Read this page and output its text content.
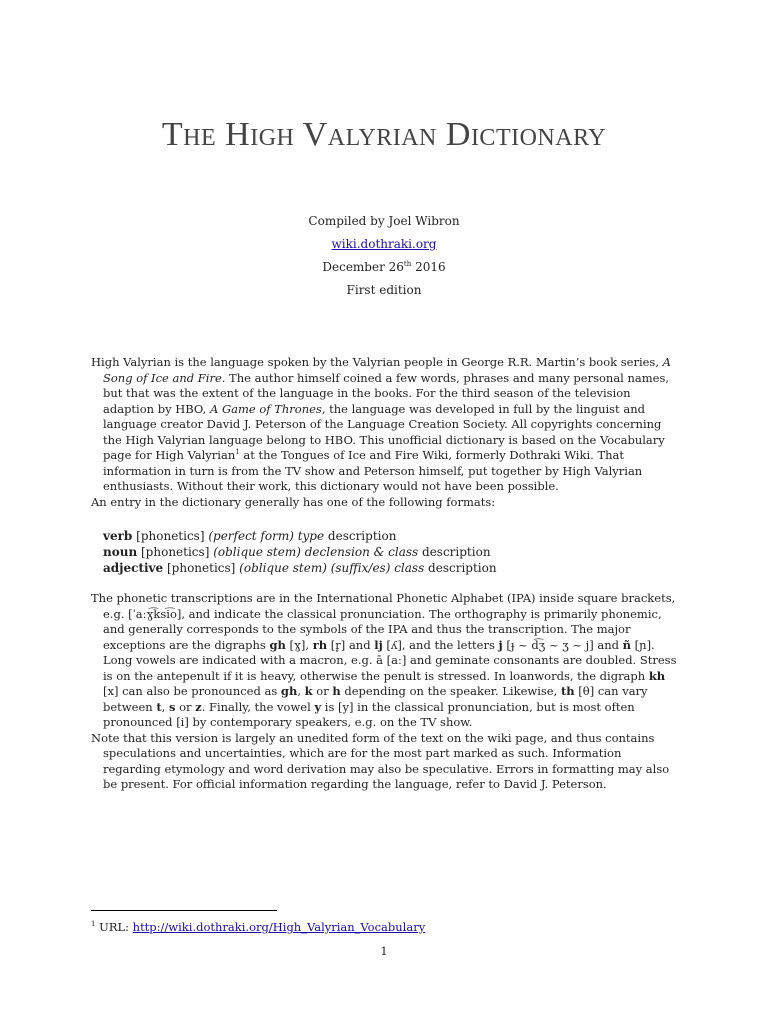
The High Valyrian Dictionary
Compiled by Joel Wibron
wiki.dothraki.org
December 26th 2016
First edition

High Valyrian is the language spoken by the Valyrian people in George R.R. Martin’s book series, A Song of Ice and Fire. The author himself coined a few words, phrases and many personal names, but that was the extent of the language in the books. For the third season of the television adaption by HBO, A Game of Thrones, the language was developed in full by the linguist and language creator David J. Peterson of the Language Creation Society. All copyrights concerning the High Valyrian language belong to HBO. This unofficial dictionary is based on the Vocabulary page for High Valyrian$^1$ at the Tongues of Ice and Fire Wiki, formerly Dothraki Wiki. That information in turn is from the TV show and Peterson himself, put together by High Valyrian enthusiasts. Without their work, this dictionary would not have been possible.

An entry in the dictionary generally has one of the following formats:

verb [phonetics] (perfect form) type description
noun [phonetics] (oblique stem) declension & class description
adjective [phonetics] (oblique stem) (suffix/es) class description

The phonetic transcriptions are in the International Phonetic Alphabet (IPA) inside square brackets, e.g. [ˈaːɣ͡ksi͡o], and indicate the classical pronunciation. The orthography is primarily phonemic, and generally corresponds to the symbols of the IPA and thus the transcription. The major exceptions are the digraphs gh [ɣ], rh [r̥] and lj [ʎ], and the letters j [ɟ ~ d͡ʒ ~ ʒ ~ j] and ñ [ɲ]. Long vowels are indicated with a macron, e.g. ā [aː] and geminate consonants are doubled. Stress is on the antepenult if it is heavy, otherwise the penult is stressed. In loanwords, the digraph kh [x] can also be pronounced as gh, k or h depending on the speaker. Likewise, th [θ] can vary between t, s or z. Finally, the vowel y is [y] in the classical pronunciation, but is most often pronounced [i] by contemporary speakers, e.g. on the TV show.

Note that this version is largely an unedited form of the text on the wiki page, and thus contains speculations and uncertainties, which are for the most part marked as such. Information regarding etymology and word derivation may also be speculative. Errors in formatting may also be present. For official information regarding the language, refer to David J. Peterson.

$^1$ URL: http://wiki.dothraki.org/High_Valyrian_Vocabulary
1
